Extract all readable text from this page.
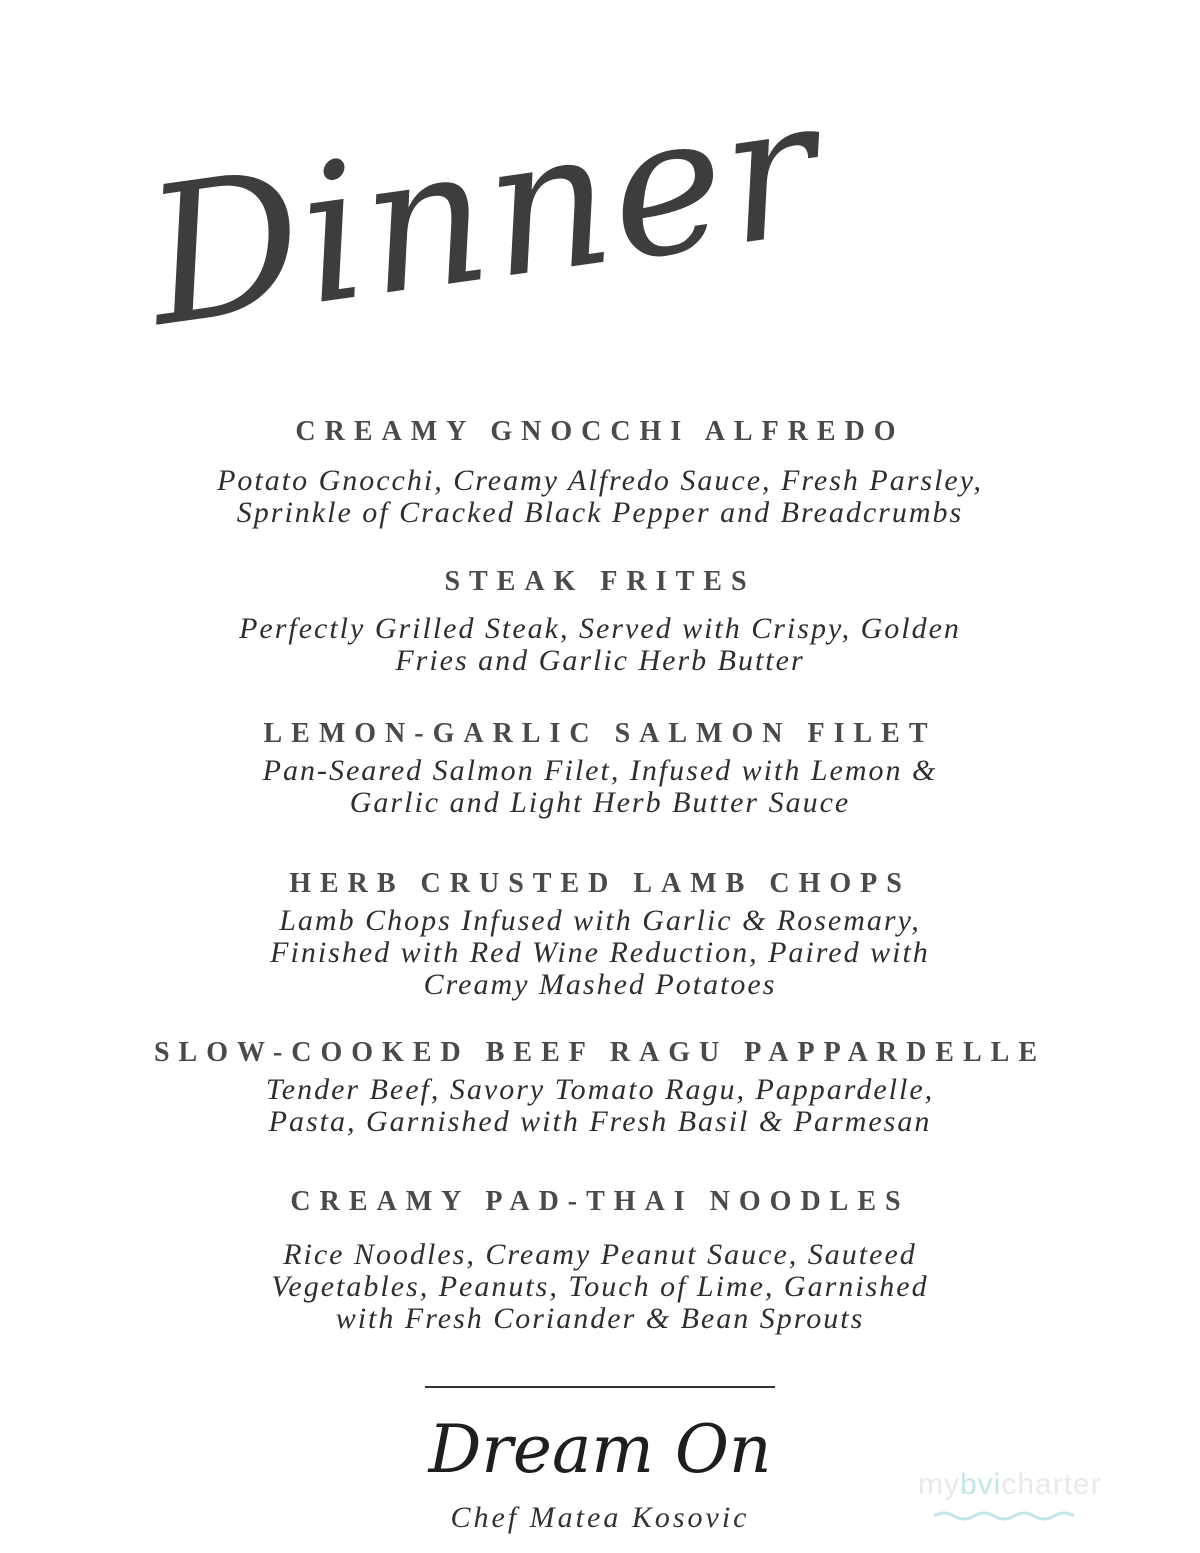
Dinner
CREAMY GNOCCHI ALFREDO
Potato Gnocchi, Creamy Alfredo Sauce, Fresh Parsley,
Sprinkle of Cracked Black Pepper and Breadcrumbs
STEAK FRITES
Perfectly Grilled Steak, Served with Crispy, Golden
Fries and Garlic Herb Butter
LEMON-GARLIC SALMON FILET
Pan-Seared Salmon Filet, Infused with Lemon &
Garlic and Light Herb Butter Sauce
HERB CRUSTED LAMB CHOPS
Lamb Chops Infused with Garlic & Rosemary,
Finished with Red Wine Reduction, Paired with
Creamy Mashed Potatoes
SLOW-COOKED BEEF RAGU PAPPARDELLE
Tender Beef, Savory Tomato Ragu, Pappardelle,
Pasta, Garnished with Fresh Basil & Parmesan
CREAMY PAD-THAI NOODLES
Rice Noodles, Creamy Peanut Sauce, Sauteed
Vegetables, Peanuts, Touch of Lime, Garnished
with Fresh Coriander & Bean Sprouts
Dream On
Chef Matea Kosovic
mybvicharter
